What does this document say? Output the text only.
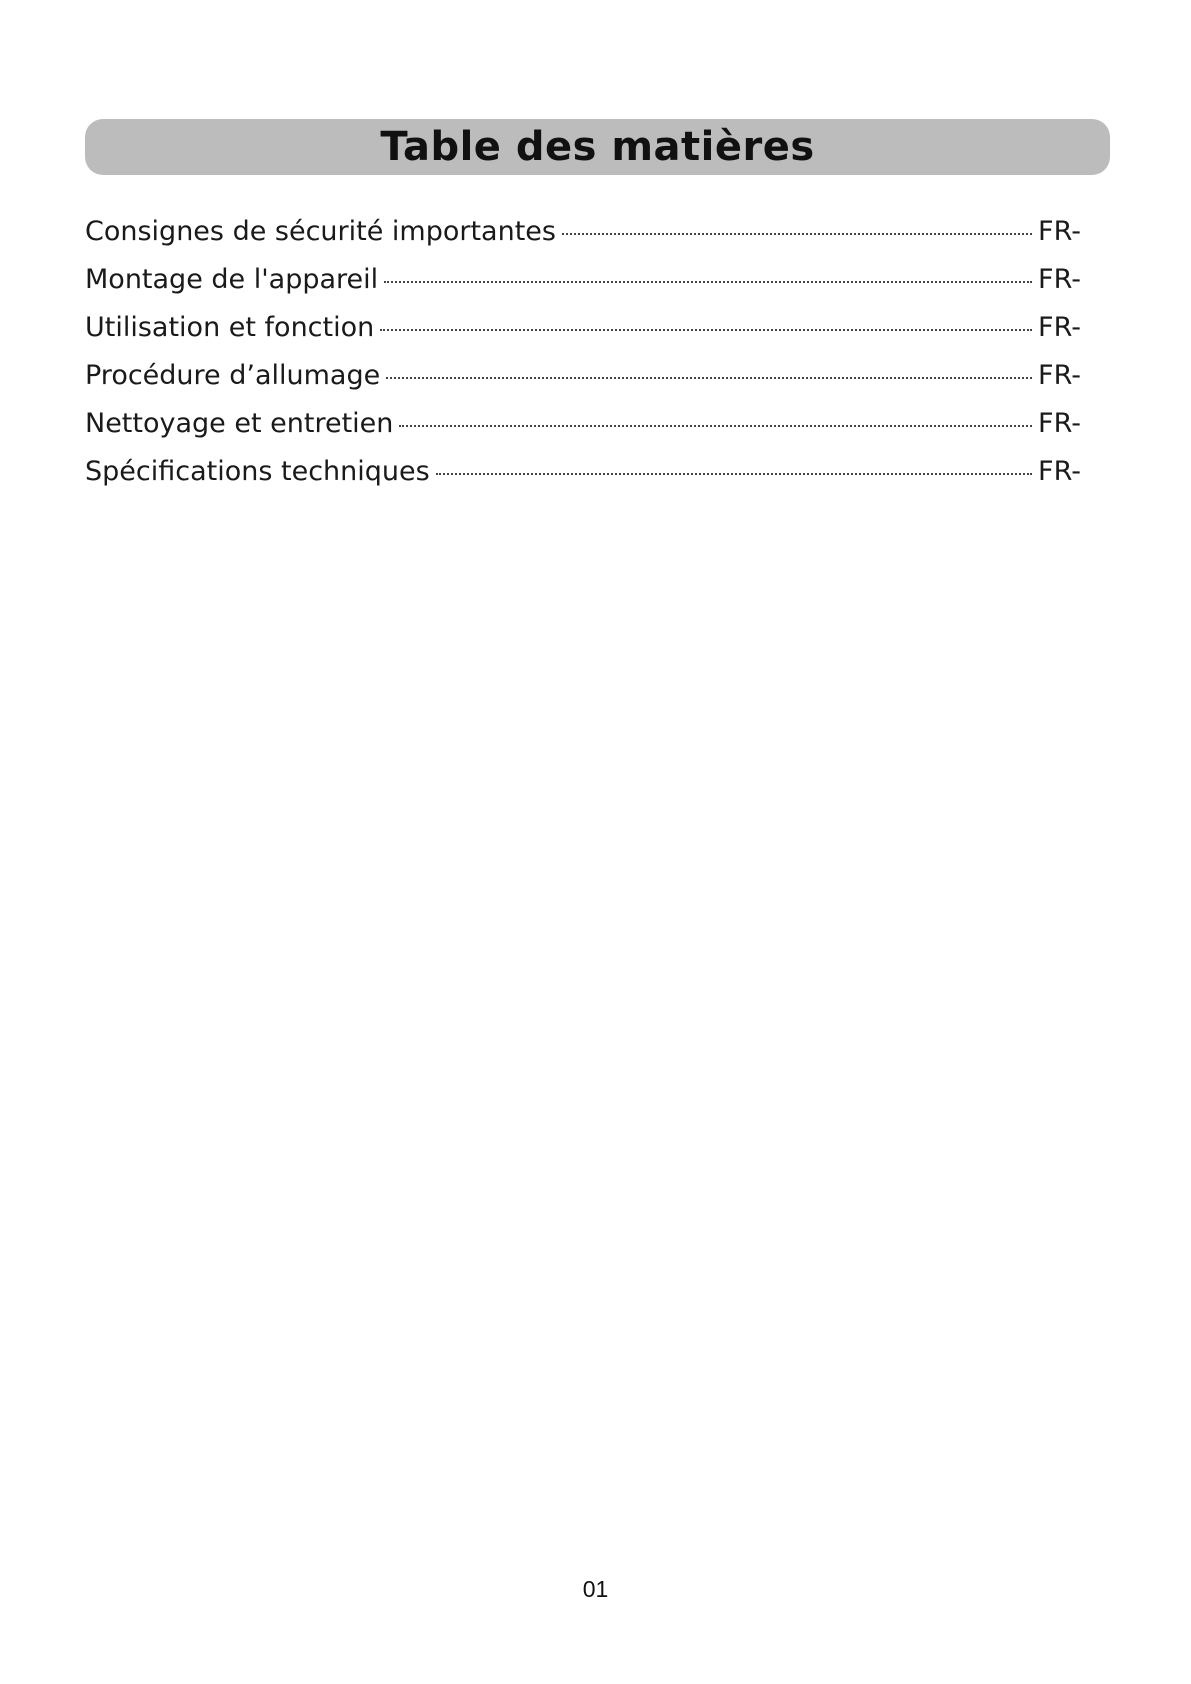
Table des matières
Consignes de sécurité importantes	FR-
Montage de l'appareil	FR-
Utilisation et fonction	FR-
Procédure d’allumage	FR-
Nettoyage et entretien	FR-
Spécifications techniques	FR-
01
